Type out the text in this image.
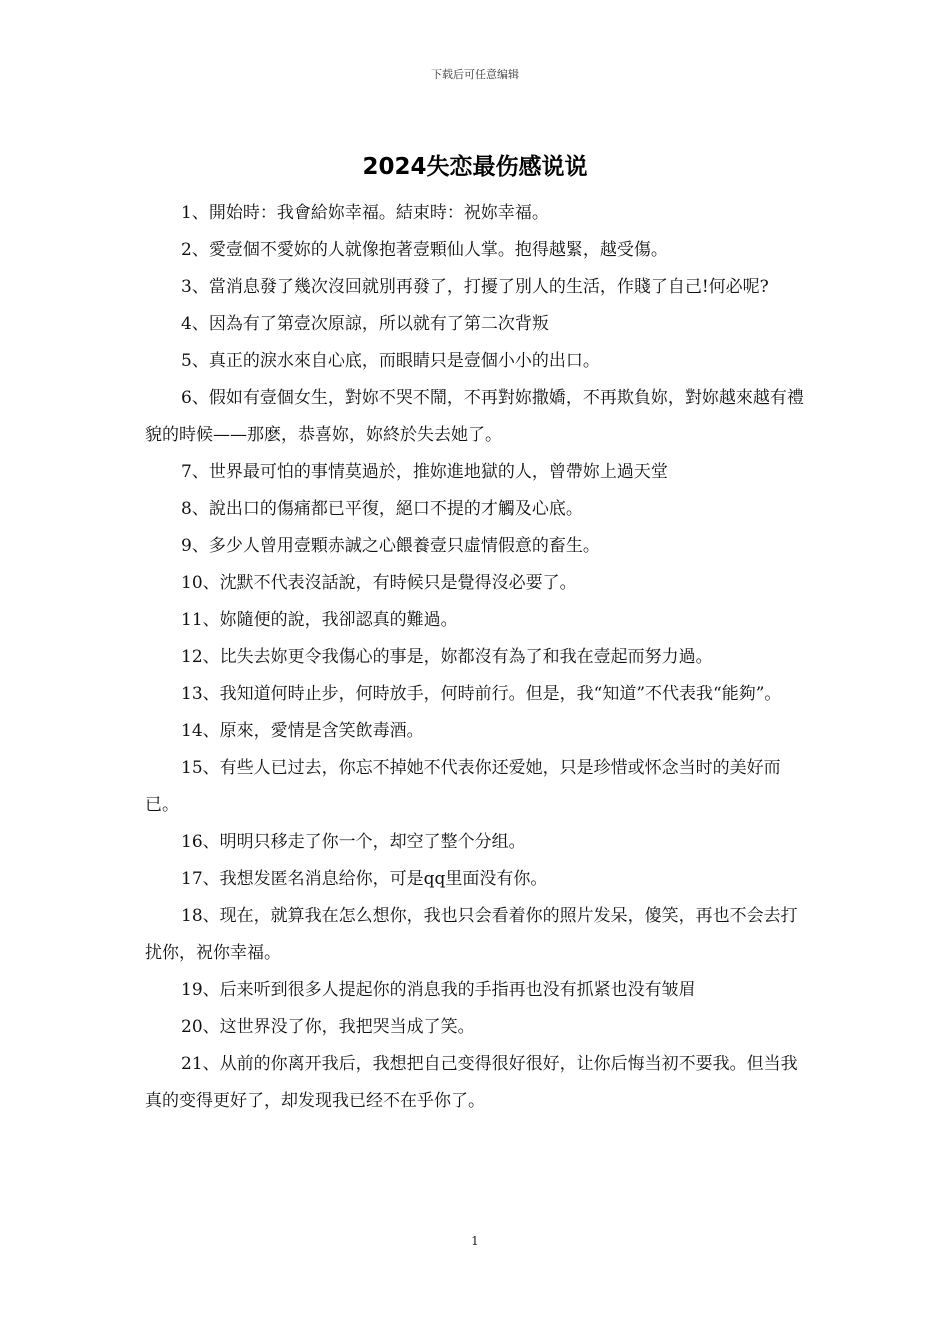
下载后可任意编辑
2024失恋最伤感说说

1、開始時：我會給妳幸福。結束時：祝妳幸福。

2、愛壹個不愛妳的人就像抱著壹顆仙人掌。抱得越緊，越受傷。

3、當消息發了幾次沒回就別再發了，打擾了別人的生活，作賤了自己!何必呢?

4、因為有了第壹次原諒，所以就有了第二次背叛

5、真正的淚水來自心底，而眼睛只是壹個小小的出口。

6、假如有壹個女生，對妳不哭不鬧，不再對妳撒嬌，不再欺負妳，對妳越來越有禮貌的時候——那麽，恭喜妳，妳終於失去她了。

7、世界最可怕的事情莫過於，推妳進地獄的人，曾帶妳上過天堂

8、說出口的傷痛都已平復，絕口不提的才觸及心底。

9、多少人曾用壹顆赤誠之心餵養壹只虛情假意的畜生。

10、沈默不代表沒話說，有時候只是覺得沒必要了。

11、妳隨便的說，我卻認真的難過。

12、比失去妳更令我傷心的事是，妳都沒有為了和我在壹起而努力過。

13、我知道何時止步，何時放手，何時前行。但是，我“知道”不代表我“能夠”。

14、原來，愛情是含笑飲毒酒。

15、有些人已过去，你忘不掉她不代表你还爱她，只是珍惜或怀念当时的美好而已。

16、明明只移走了你一个，却空了整个分组。

17、我想发匿名消息给你，可是qq里面没有你。

18、现在，就算我在怎么想你，我也只会看着你的照片发呆，傻笑，再也不会去打扰你，祝你幸福。

19、后来听到很多人提起你的消息我的手指再也没有抓紧也没有皱眉

20、这世界没了你，我把哭当成了笑。

21、从前的你离开我后，我想把自己变得很好很好，让你后悔当初不要我。但当我真的变得更好了，却发现我已经不在乎你了。

1
